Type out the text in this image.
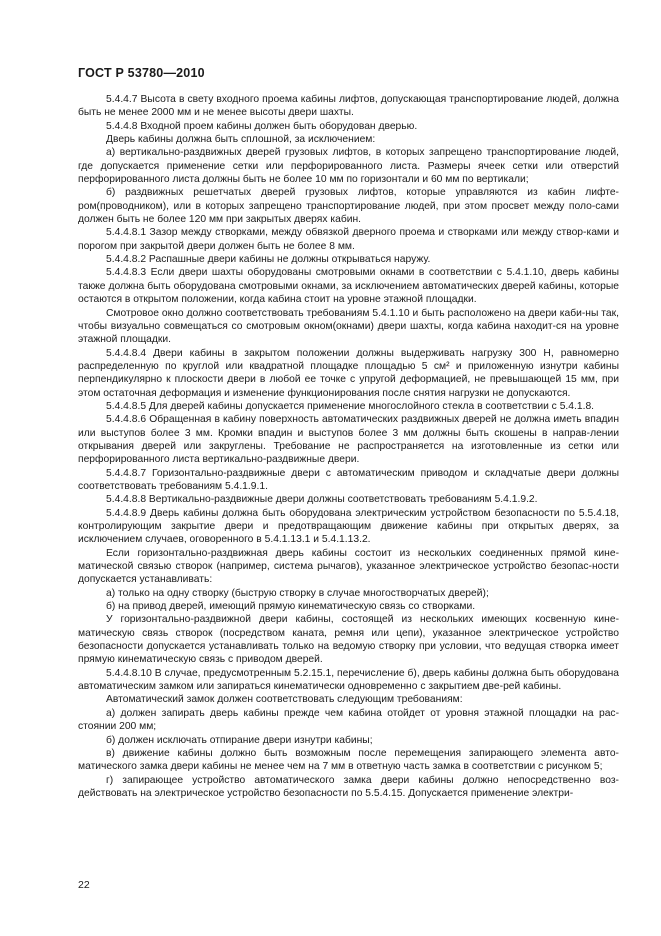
ГОСТ Р 53780—2010

5.4.4.7 Высота в свету входного проема кабины лифтов, допускающая транспортирование людей, должна быть не менее 2000 мм и не менее высоты двери шахты.

5.4.4.8 Входной проем кабины должен быть оборудован дверью.

Дверь кабины должна быть сплошной, за исключением:

а) вертикально-раздвижных дверей грузовых лифтов, в которых запрещено транспортирование людей, где допускается применение сетки или перфорированного листа. Размеры ячеек сетки или отверстий перфорированного листа должны быть не более 10 мм по горизонтали и 60 мм по вертикали;

б) раздвижных решетчатых дверей грузовых лифтов, которые управляются из кабин лифте-ром(проводником), или в которых запрещено транспортирование людей, при этом просвет между поло-сами должен быть не более 120 мм при закрытых дверях кабин.

5.4.4.8.1 Зазор между створками, между обвязкой дверного проема и створками или между створ-ками и порогом при закрытой двери должен быть не более 8 мм.

5.4.4.8.2 Распашные двери кабины не должны открываться наружу.

5.4.4.8.3 Если двери шахты оборудованы смотровыми окнами в соответствии с 5.4.1.10, дверь кабины также должна быть оборудована смотровыми окнами, за исключением автоматических дверей кабины, которые остаются в открытом положении, когда кабина стоит на уровне этажной площадки.

Смотровое окно должно соответствовать требованиям 5.4.1.10 и быть расположено на двери каби-ны так, чтобы визуально совмещаться со смотровым окном(окнами) двери шахты, когда кабина находит-ся на уровне этажной площадки.

5.4.4.8.4 Двери кабины в закрытом положении должны выдерживать нагрузку 300 Н, равномерно распределенную по круглой или квадратной площадке площадью 5 см² и приложенную изнутри кабины перпендикулярно к плоскости двери в любой ее точке с упругой деформацией, не превышающей 15 мм, при этом остаточная деформация и изменение функционирования после снятия нагрузки не допускаются.

5.4.4.8.5 Для дверей кабины допускается применение многослойного стекла в соответствии с 5.4.1.8.

5.4.4.8.6 Обращенная в кабину поверхность автоматических раздвижных дверей не должна иметь впадин или выступов более 3 мм. Кромки впадин и выступов более 3 мм должны быть скошены в направ-лении открывания дверей или закруглены. Требование не распространяется на изготовленные из сетки или перфорированного листа вертикально-раздвижные двери.

5.4.4.8.7 Горизонтально-раздвижные двери с автоматическим приводом и складчатые двери должны соответствовать требованиям 5.4.1.9.1.

5.4.4.8.8 Вертикально-раздвижные двери должны соответствовать требованиям 5.4.1.9.2.

5.4.4.8.9 Дверь кабины должна быть оборудована электрическим устройством безопасности по 5.5.4.18, контролирующим закрытие двери и предотвращающим движение кабины при открытых дверях, за исключением случаев, оговоренного в 5.4.1.13.1 и 5.4.1.13.2.

Если горизонтально-раздвижная дверь кабины состоит из нескольких соединенных прямой кине-матической связью створок (например, система рычагов), указанное электрическое устройство безопас-ности допускается устанавливать:

а) только на одну створку (быструю створку в случае многостворчатых дверей);

б) на привод дверей, имеющий прямую кинематическую связь со створками.

У горизонтально-раздвижной двери кабины, состоящей из нескольких имеющих косвенную кине-матическую связь створок (посредством каната, ремня или цепи), указанное электрическое устройство безопасности допускается устанавливать только на ведомую створку при условии, что ведущая створка имеет прямую кинематическую связь с приводом дверей.

5.4.4.8.10 В случае, предусмотренным 5.2.15.1, перечисление б), дверь кабины должна быть оборудована автоматическим замком или запираться кинематически одновременно с закрытием две-рей кабины.

Автоматический замок должен соответствовать следующим требованиям:

а) должен запирать дверь кабины прежде чем кабина отойдет от уровня этажной площадки на рас-стоянии 200 мм;

б) должен исключать отпирание двери изнутри кабины;

в) движение кабины должно быть возможным после перемещения запирающего элемента авто-матического замка двери кабины не менее чем на 7 мм в ответную часть замка в соответствии с рисунком 5;

г) запирающее устройство автоматического замка двери кабины должно непосредственно воз-действовать на электрическое устройство безопасности по 5.5.4.15. Допускается применение электри-

22
